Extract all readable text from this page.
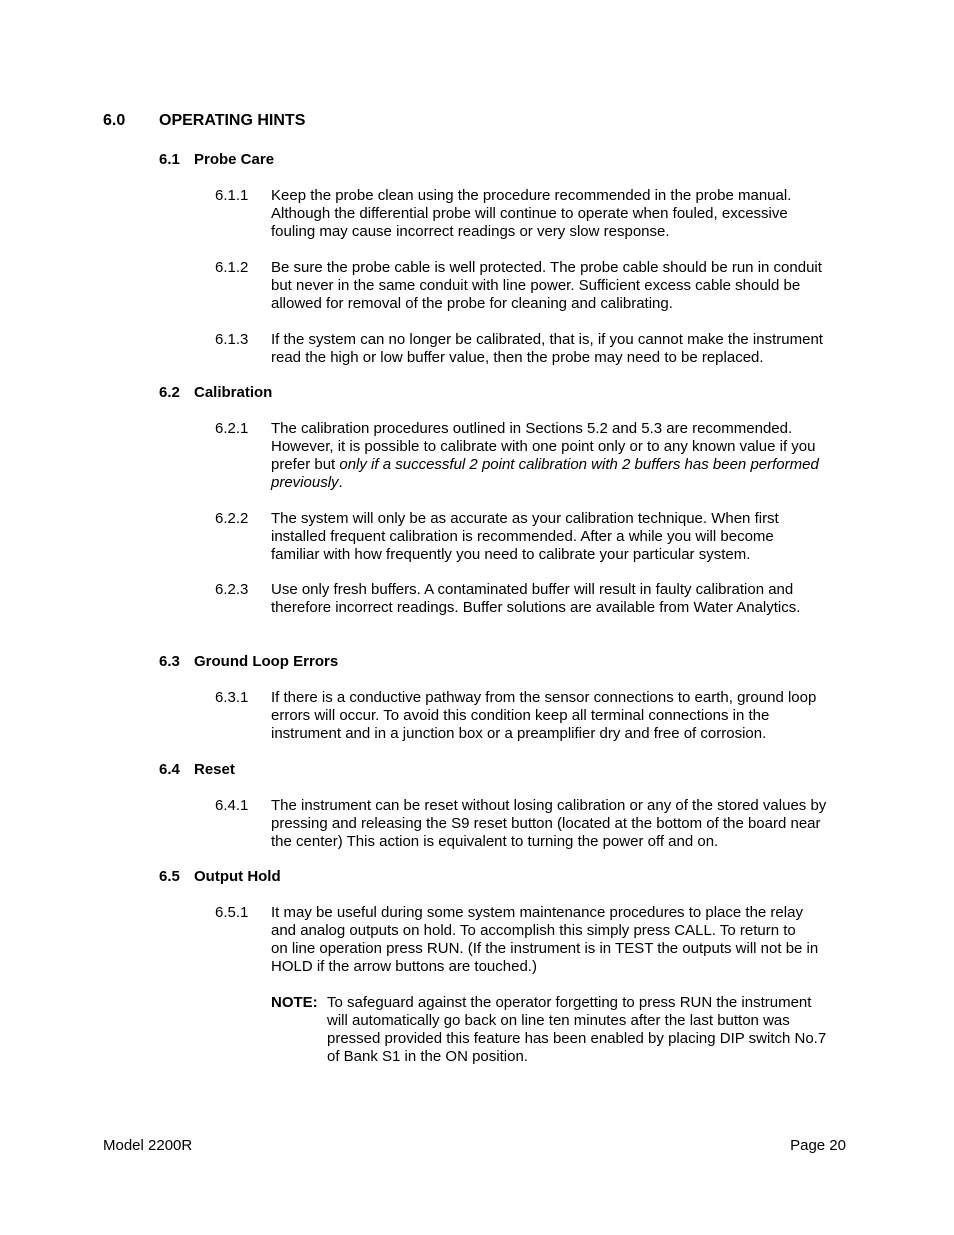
6.0 OPERATING HINTS
6.1 Probe Care
6.1.1 Keep the probe clean using the procedure recommended in the probe manual.

Although the differential probe will continue to operate when fouled, excessive

fouling may cause incorrect readings or very slow response.

6.1.2 Be sure the probe cable is well protected. The probe cable should be run in conduit

but never in the same conduit with line power. Sufficient excess cable should be

allowed for removal of the probe for cleaning and calibrating.

6.1.3 If the system can no longer be calibrated, that is, if you cannot make the instrument

read the high or low buffer value, then the probe may need to be replaced.

6.2 Calibration
6.2.1 The calibration procedures outlined in Sections 5.2 and 5.3 are recommended.

However, it is possible to calibrate with one point only or to any known value if you

prefer but only if a successful 2 point calibration with 2 buffers has been performed

previously.

6.2.2 The system will only be as accurate as your calibration technique. When first

installed frequent calibration is recommended. After a while you will become

familiar with how frequently you need to calibrate your particular system.

6.2.3 Use only fresh buffers. A contaminated buffer will result in faulty calibration and

therefore incorrect readings. Buffer solutions are available from Water Analytics.

6.3 Ground Loop Errors
6.3.1 If there is a conductive pathway from the sensor connections to earth, ground loop

errors will occur. To avoid this condition keep all terminal connections in the

instrument and in a junction box or a preamplifier dry and free of corrosion.

6.4 Reset
6.4.1 The instrument can be reset without losing calibration or any of the stored values by

pressing and releasing the S9 reset button (located at the bottom of the board near

the center) This action is equivalent to turning the power off and on.

6.5 Output Hold
6.5.1 It may be useful during some system maintenance procedures to place the relay

and analog outputs on hold. To accomplish this simply press CALL. To return to

on line operation press RUN. (If the instrument is in TEST the outputs will not be in

HOLD if the arrow buttons are touched.)

NOTE: To safeguard against the operator forgetting to press RUN the instrument

will automatically go back on line ten minutes after the last button was

pressed provided this feature has been enabled by placing DIP switch No.7

of Bank S1 in the ON position.

Model 2200R	Page 20
